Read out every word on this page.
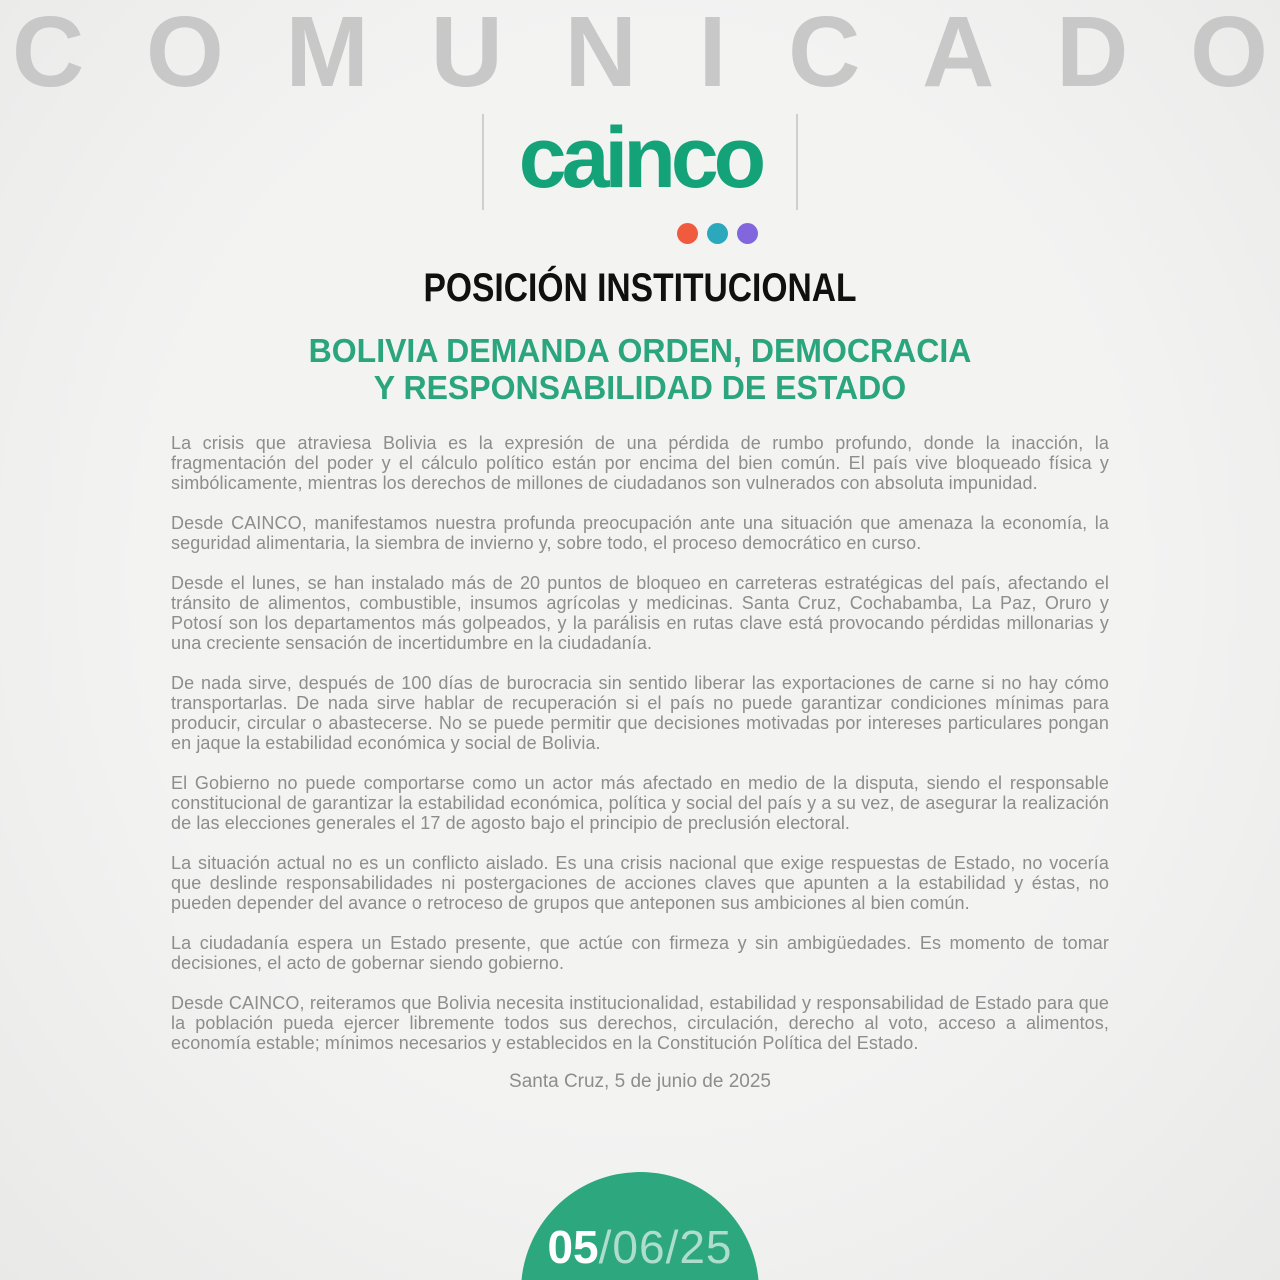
C O M U N I C A D O
cainco
POSICIÓN INSTITUCIONAL
BOLIVIA DEMANDA ORDEN, DEMOCRACIA
Y RESPONSABILIDAD DE ESTADO

La crisis que atraviesa Bolivia es la expresión de una pérdida de rumbo profundo, donde la inacción, la fragmentación del poder y el cálculo político están por encima del bien común. El país vive bloqueado física y simbólicamente, mientras los derechos de millones de ciudadanos son vulnerados con absoluta impunidad.

Desde CAINCO, manifestamos nuestra profunda preocupación ante una situación que amenaza la economía, la seguridad alimentaria, la siembra de invierno y, sobre todo, el proceso democrático en curso.

Desde el lunes, se han instalado más de 20 puntos de bloqueo en carreteras estratégicas del país, afectando el tránsito de alimentos, combustible, insumos agrícolas y medicinas. Santa Cruz, Cochabamba, La Paz, Oruro y Potosí son los departamentos más golpeados, y la parálisis en rutas clave está provocando pérdidas millonarias y una creciente sensación de incertidumbre en la ciudadanía.

De nada sirve, después de 100 días de burocracia sin sentido liberar las exportaciones de carne si no hay cómo transportarlas. De nada sirve hablar de recuperación si el país no puede garantizar condiciones mínimas para producir, circular o abastecerse. No se puede permitir que decisiones motivadas por intereses particulares pongan en jaque la estabilidad económica y social de Bolivia.

El Gobierno no puede comportarse como un actor más afectado en medio de la disputa, siendo el responsable constitucional de garantizar la estabilidad económica, política y social del país y a su vez, de asegurar la realización de las elecciones generales el 17 de agosto bajo el principio de preclusión electoral.

La situación actual no es un conflicto aislado. Es una crisis nacional que exige respuestas de Estado, no vocería que deslinde responsabilidades ni postergaciones de acciones claves que apunten a la estabilidad y éstas, no pueden depender del avance o retroceso de grupos que anteponen sus ambiciones al bien común.

La ciudadanía espera un Estado presente, que actúe con firmeza y sin ambigüedades. Es momento de tomar decisiones, el acto de gobernar siendo gobierno.

Desde CAINCO, reiteramos que Bolivia necesita institucionalidad, estabilidad y responsabilidad de Estado para que la población pueda ejercer libremente todos sus derechos, circulación, derecho al voto, acceso a alimentos, economía estable; mínimos necesarios y establecidos en la Constitución Política del Estado.

Santa Cruz, 5 de junio de 2025
05/06/25
